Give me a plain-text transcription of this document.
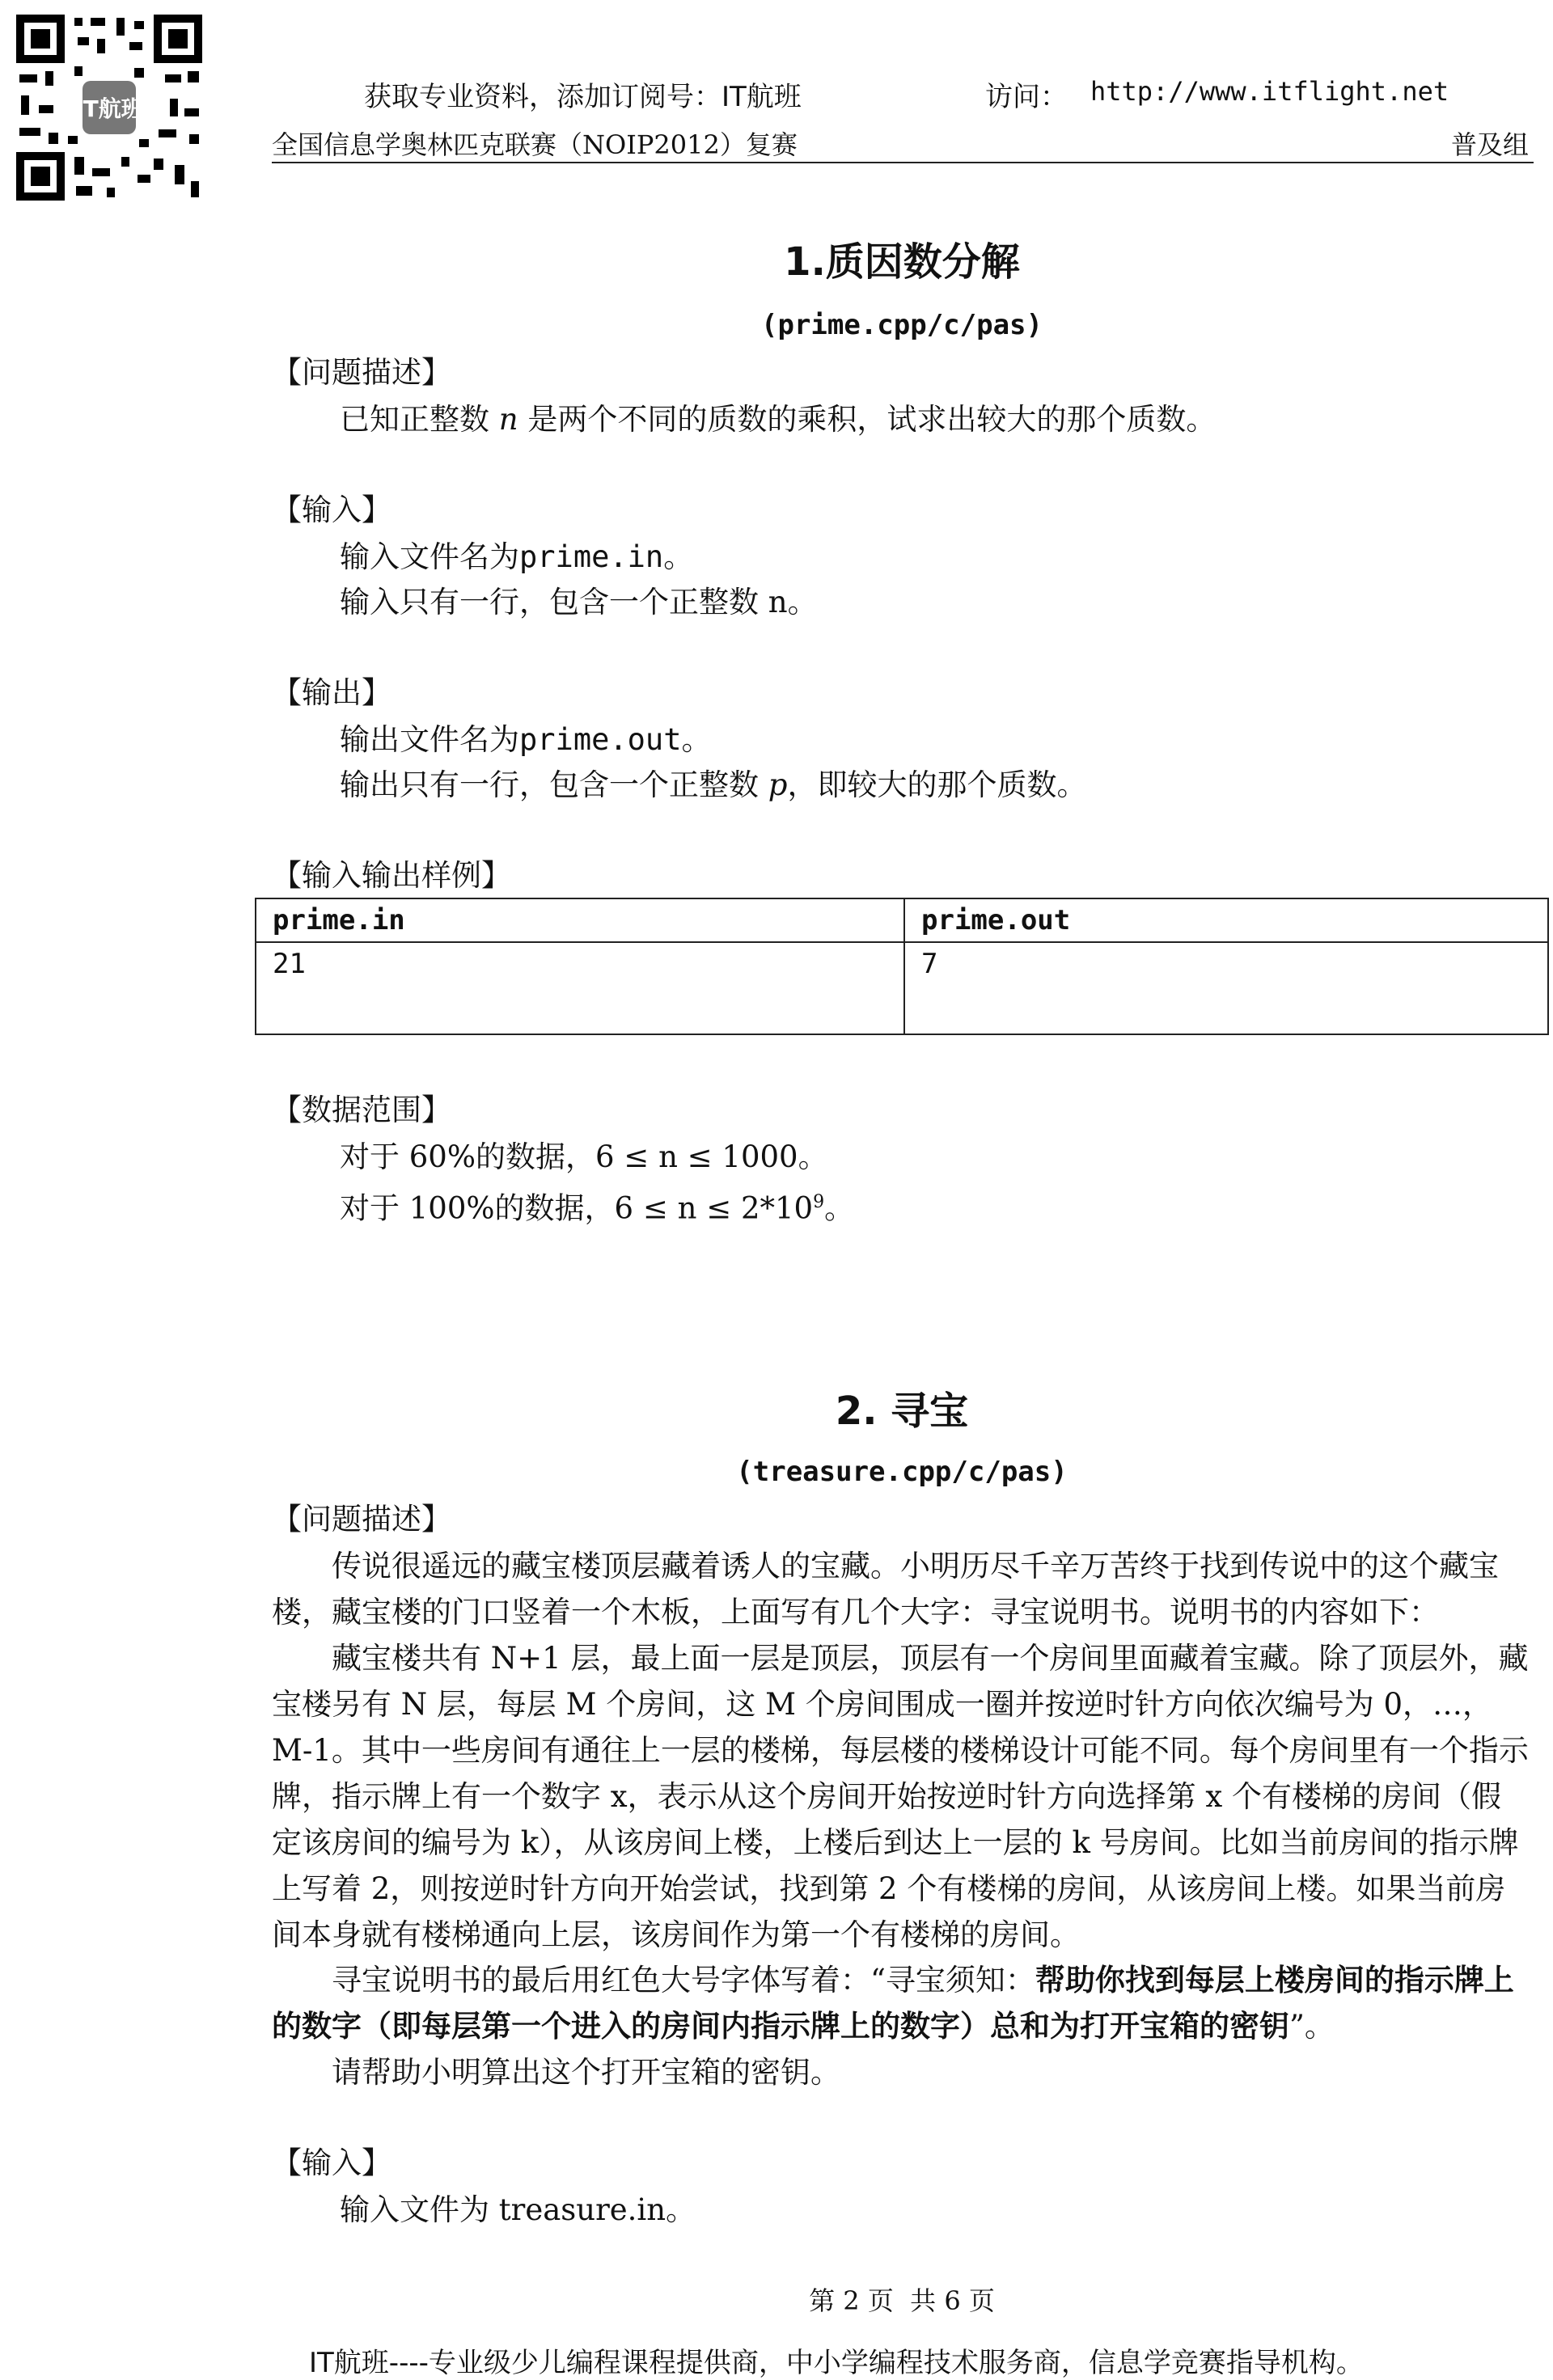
IT航班	获取专业资料，添加订阅号：IT航班	访问： http://www.itflight.net
全国信息学奥林匹克联赛（NOIP2012）复赛	普及组
1.质因数分解
(prime.cpp/c/pas)
【问题描述】
已知正整数 n 是两个不同的质数的乘积，试求出较大的那个质数。
【输入】
输入文件名为prime.in。
输入只有一行，包含一个正整数 n。
【输出】
输出文件名为prime.out。
输出只有一行，包含一个正整数 p，即较大的那个质数。
【输入输出样例】
prime.in	prime.out
21	7
【数据范围】
对于 60%的数据，6 ≤ n ≤ 1000。
对于 100%的数据，$6 \le n \le 2*10^9$。
2. 寻宝
(treasure.cpp/c/pas)
【问题描述】
　　传说很遥远的藏宝楼顶层藏着诱人的宝藏。小明历尽千辛万苦终于找到传说中的这个藏宝楼，藏宝楼的门口竖着一个木板，上面写有几个大字：寻宝说明书。说明书的内容如下：
　　藏宝楼共有 N+1 层，最上面一层是顶层，顶层有一个房间里面藏着宝藏。除了顶层外，藏宝楼另有 N 层，每层 M 个房间，这 M 个房间围成一圈并按逆时针方向依次编号为 0，…，M-1。其中一些房间有通往上一层的楼梯，每层楼的楼梯设计可能不同。每个房间里有一个指示牌，指示牌上有一个数字 x，表示从这个房间开始按逆时针方向选择第 x 个有楼梯的房间（假定该房间的编号为 k），从该房间上楼，上楼后到达上一层的 k 号房间。比如当前房间的指示牌上写着 2，则按逆时针方向开始尝试，找到第 2 个有楼梯的房间，从该房间上楼。如果当前房间本身就有楼梯通向上层，该房间作为第一个有楼梯的房间。
　　寻宝说明书的最后用红色大号字体写着：“寻宝须知：帮助你找到每层上楼房间的指示牌上的数字（即每层第一个进入的房间内指示牌上的数字）总和为打开宝箱的密钥”。
　　请帮助小明算出这个打开宝箱的密钥。
【输入】
输入文件为 treasure.in。
第 2 页  共 6 页
IT航班----专业级少儿编程课程提供商，中小学编程技术服务商，信息学竞赛指导机构。
